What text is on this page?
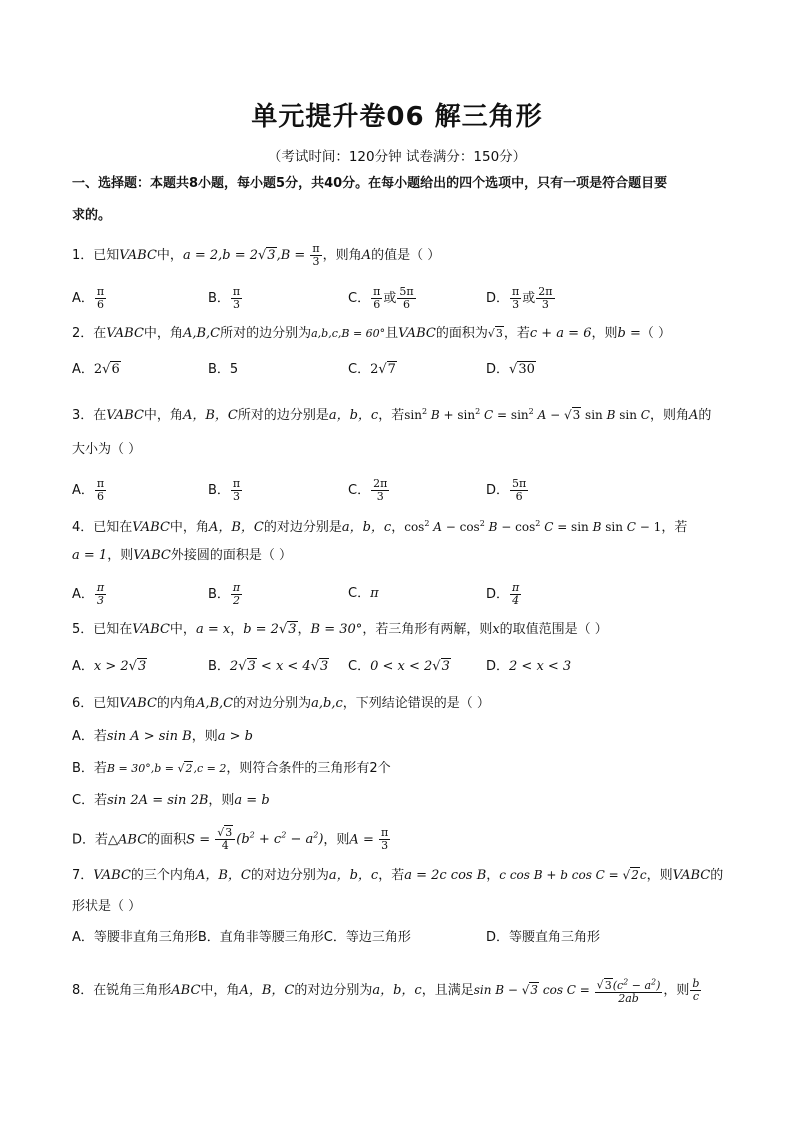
单元提升卷06 解三角形
（考试时间：120分钟 试卷满分：150分）
一、选择题：本题共8小题，每小题5分，共40分。在每小题给出的四个选项中，只有一项是符合题目要
求的。
1．已知VABC中，$a = 2,b = 2√3,B = \frac{\pi}{3}$ ，则角A的值是（ ）
A． $\frac{\pi}{6}$	B． $\frac{\pi}{3}$	C． $\frac{\pi}{6}$ 或 $\frac{5\pi}{6}$	D． $\frac{\pi}{3}$ 或 $\frac{2\pi}{3}$
2．在VABC中，角A,B,C所对的边分别为a,b,c,B = 60°且VABC的面积为√3，若c + a = 6，则b =（ ）
A．2√6	B．5	C．2√7	D．√30
3．在VABC中，角A，B，C所对的边分别是a，b，c，若$\sin^2 B + \sin^2 C = \sin^2 A - √3$ sin B sin C，则角A的
大小为（ ）
A． $\frac{\pi}{6}$	B． $\frac{\pi}{3}$	C． $\frac{2\pi}{3}$	D． $\frac{5\pi}{6}$
4．已知在VABC中，角A，B，C的对边分别是a，b，c，$\cos^2 A - \cos^2 B - \cos^2 C = \sin B$ sin C − 1，若
a = 1，则VABC外接圆的面积是（ ）
A． $\frac{\pi}{3}$	B． $\frac{\pi}{2}$	C．π	D． $\frac{\pi}{4}$
5．已知在VABC中，a = x，b = 2√3，B = 30°，若三角形有两解，则x的取值范围是（ ）
A．x > 2√3	B．2√3 < x < 4√3 C．0 < x < 2√3	D．2 < x < 3
6．已知VABC的内角A,B,C的对边分别为a,b,c，下列结论错误的是（ ）
A．若sin A > sin B，则a > b
B．若B = 30°,b = √2,c = 2，则符合条件的三角形有2个
C．若sin 2A = sin 2B，则a = b
D．若△ABC的面积$S = \frac{√3}{4} (b^2 + c^2 - a^2)$，则$A = \frac{\pi}{3}$
7．VABC的三个内角A，B，C的对边分别为a，b，c，若a = 2c cos B，c cos B + b cos C = √2c，则VABC的
形状是（ ）
A．等腰非直角三角形B．直角非等腰三角形C．等边三角形	D．等腰直角三角形
8．在锐角三角形ABC中，角A，B，C的对边分别为a，b，c，且满足sin B − √3 $\cos C = \frac{√3(c^2 - a^2)}{2ab}$ ，则 $\frac{b}{c}$
